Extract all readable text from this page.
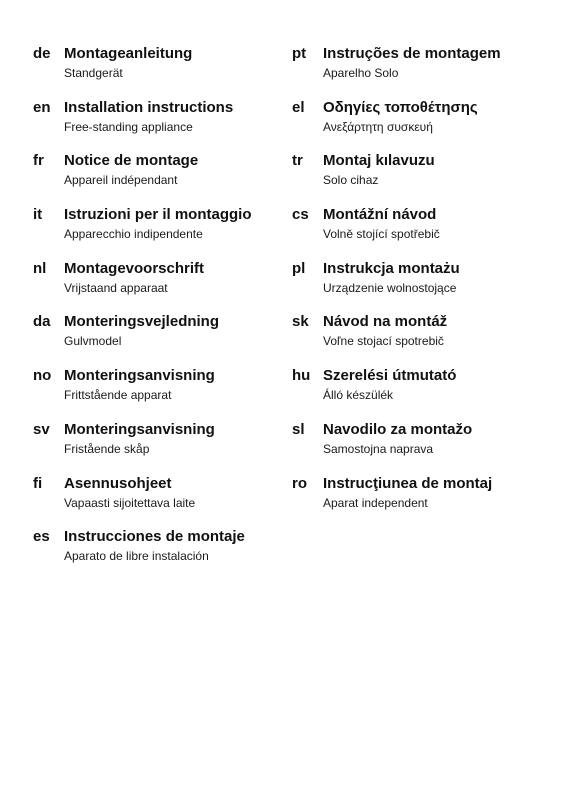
de Montageanleitung
Standgerät
en Installation instructions
Free-standing appliance
fr Notice de montage
Appareil indépendant
it Istruzioni per il montaggio
Apparecchio indipendente
nl Montagevoorschrift
Vrijstaand apparaat
da Monteringsvejledning
Gulvmodel
no Monteringsanvisning
Frittstående apparat
sv Monteringsanvisning
Fristående skåp
fi Asennusohjeet
Vapaasti sijoitettava laite
es Instrucciones de montaje
Aparato de libre instalación
pt Instruções de montagem
Aparelho Solo
el Οδηγίες τοποθέτησης
Ανεξάρτητη συσκευή
tr Montaj kılavuzu
Solo cihaz
cs Montážní návod
Volně stojící spotřebič
pl Instrukcja montażu
Urządzenie wolnostojące
sk Návod na montáž
Voľne stojací spotrebič
hu Szerelési útmutató
Álló készülék
sl Navodilo za montažo
Samostojna naprava
ro Instrucţiunea de montaj
Aparat independent
